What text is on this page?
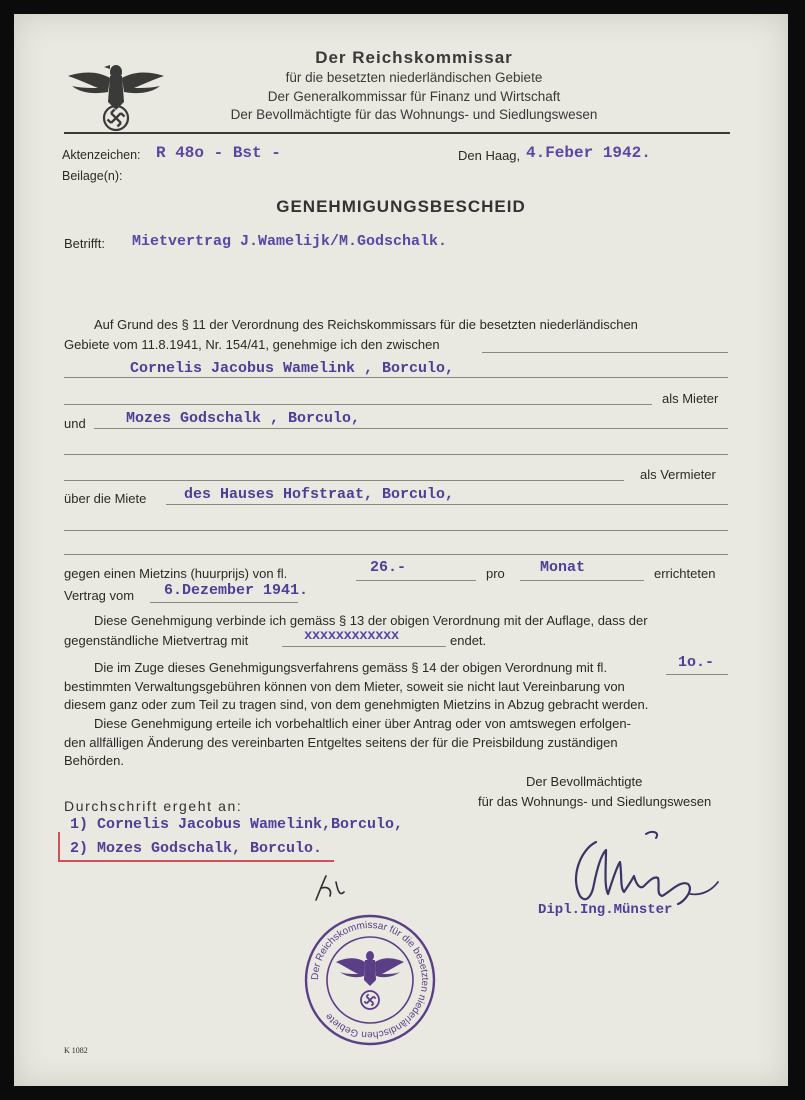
Der Reichskommissar
für die besetzten niederländischen Gebiete
Der Generalkommissar für Finanz und Wirtschaft
Der Bevollmächtigte für das Wohnungs- und Siedlungswesen
Aktenzeichen: R 48o - Bst -
Beilage(n):
Den Haag, 4.Feber 1942.
GENEHMIGUNGSBESCHEID
Betrifft: Mietvertrag J.Wamelijk/M.Godschalk.
Auf Grund des § 11 der Verordnung des Reichskommissars für die besetzten niederländischen
Gebiete vom 11.8.1941, Nr. 154/41, genehmige ich den zwischen
Cornelis Jacobus Wamelink , Borculo,
als Mieter
und	Mozes Godschalk , Borculo,
als Vermieter
über die Miete	des Hauses Hofstraat, Borculo,
gegen einen Mietzins (huurprijs) von fl.	26.-	pro Monat	errichteten
Vertrag vom 6.Dezember 1941.
Diese Genehmigung verbinde ich gemäss § 13 der obigen Verordnung mit der Auflage, dass der
gegenständliche Mietvertrag mit	xxxxxxxxxxxx	endet.
Die im Zuge dieses Genehmigungsverfahrens gemäss § 14 der obigen Verordnung mit fl.	1o.-
bestimmten Verwaltungsgebühren können von dem Mieter, soweit sie nicht laut Vereinbarung von
diesem ganz oder zum Teil zu tragen sind, von dem genehmigten Mietzins in Abzug gebracht werden.
Diese Genehmigung erteile ich vorbehaltlich einer über Antrag oder von amtswegen erfolgen-
den allfälligen Änderung des vereinbarten Entgeltes seitens der für die Preisbildung zuständigen
Behörden.
Der Bevollmächtigte
für das Wohnungs- und Siedlungswesen
Dipl.Ing.Münster
Durchschrift ergeht an:
1) Cornelis Jacobus Wamelink,Borculo,
2) Mozes Godschalk, Borculo.
Der Reichskommissar für die besetzten niederländischen Gebiete
K 1082
